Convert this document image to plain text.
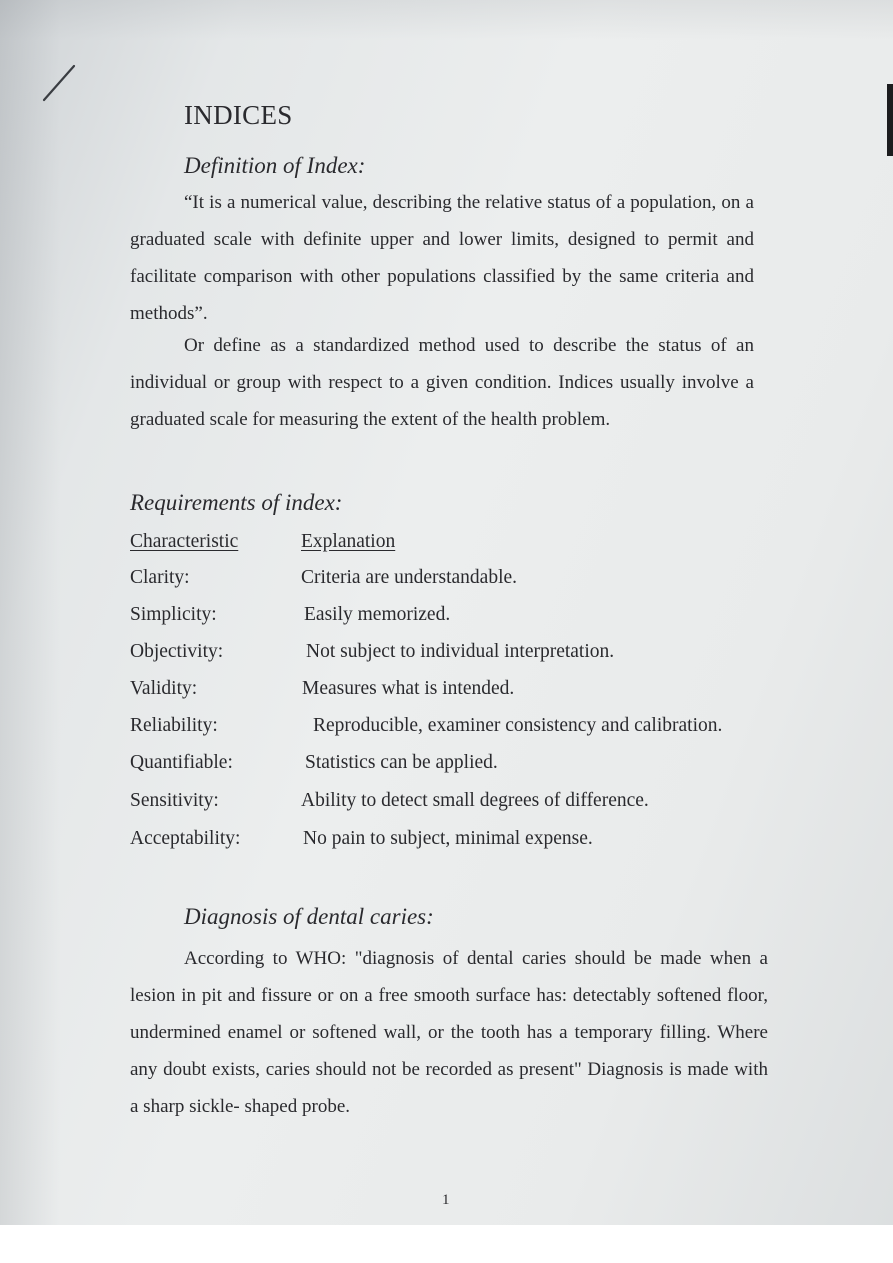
INDICES
Definition of Index:

“It is a numerical value, describing the relative status of a population, on a graduated scale with definite upper and lower limits, designed to permit and facilitate comparison with other populations classified by the same criteria and methods”.

Or define as a standardized method used to describe the status of an individual or group with respect to a given condition. Indices usually involve a graduated scale for measuring the extent of the health problem.

Requirements of index:
Characteristic	Explanation
Clarity:	Criteria are understandable.
Simplicity:	Easily memorized.
Objectivity:	Not subject to individual interpretation.
Validity:	Measures what is intended.
Reliability:	Reproducible, examiner consistency and calibration.
Quantifiable:	Statistics can be applied.
Sensitivity:	Ability to detect small degrees of difference.
Acceptability:	No pain to subject, minimal expense.
Diagnosis of dental caries:

According to WHO: "diagnosis of dental caries should be made when a lesion in pit and fissure or on a free smooth surface has: detectably softened floor, undermined enamel or softened wall, or the tooth has a temporary filling. Where any doubt exists, caries should not be recorded as present" Diagnosis is made with a sharp sickle- shaped probe.

1
